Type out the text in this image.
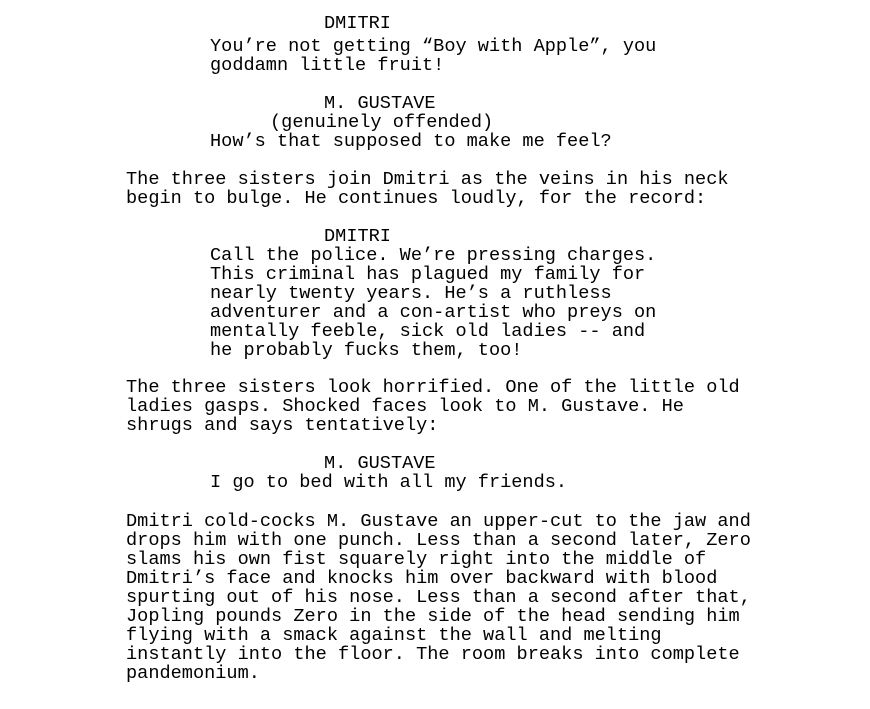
DMITRI
You’re not getting “Boy with Apple”, you
goddamn little fruit!
M. GUSTAVE
(genuinely offended)
How’s that supposed to make me feel?
The three sisters join Dmitri as the veins in his neck
begin to bulge. He continues loudly, for the record:
DMITRI
Call the police. We’re pressing charges.
This criminal has plagued my family for
nearly twenty years. He’s a ruthless
adventurer and a con-artist who preys on
mentally feeble, sick old ladies -- and
he probably fucks them, too!
The three sisters look horrified. One of the little old
ladies gasps. Shocked faces look to M. Gustave. He
shrugs and says tentatively:
M. GUSTAVE
I go to bed with all my friends.
Dmitri cold-cocks M. Gustave an upper-cut to the jaw and
drops him with one punch. Less than a second later, Zero
slams his own fist squarely right into the middle of
Dmitri’s face and knocks him over backward with blood
spurting out of his nose. Less than a second after that,
Jopling pounds Zero in the side of the head sending him
flying with a smack against the wall and melting
instantly into the floor. The room breaks into complete
pandemonium.
